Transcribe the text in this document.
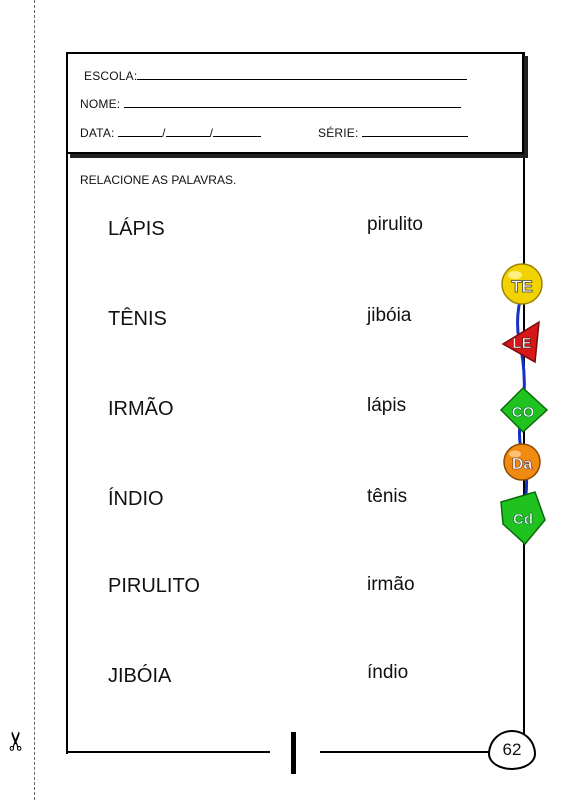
✂
ESCOLA:
NOME:
DATA:	/	/	SÉRIE:
RELACIONE AS PALAVRAS.
LÁPIS
TÊNIS
IRMÃO
ÍNDIO
PIRULITO
JIBÓIA
pirulito
jibóia
lápis
tênis
irmão
índio
TE
LE
CO
Da
Cd
62
